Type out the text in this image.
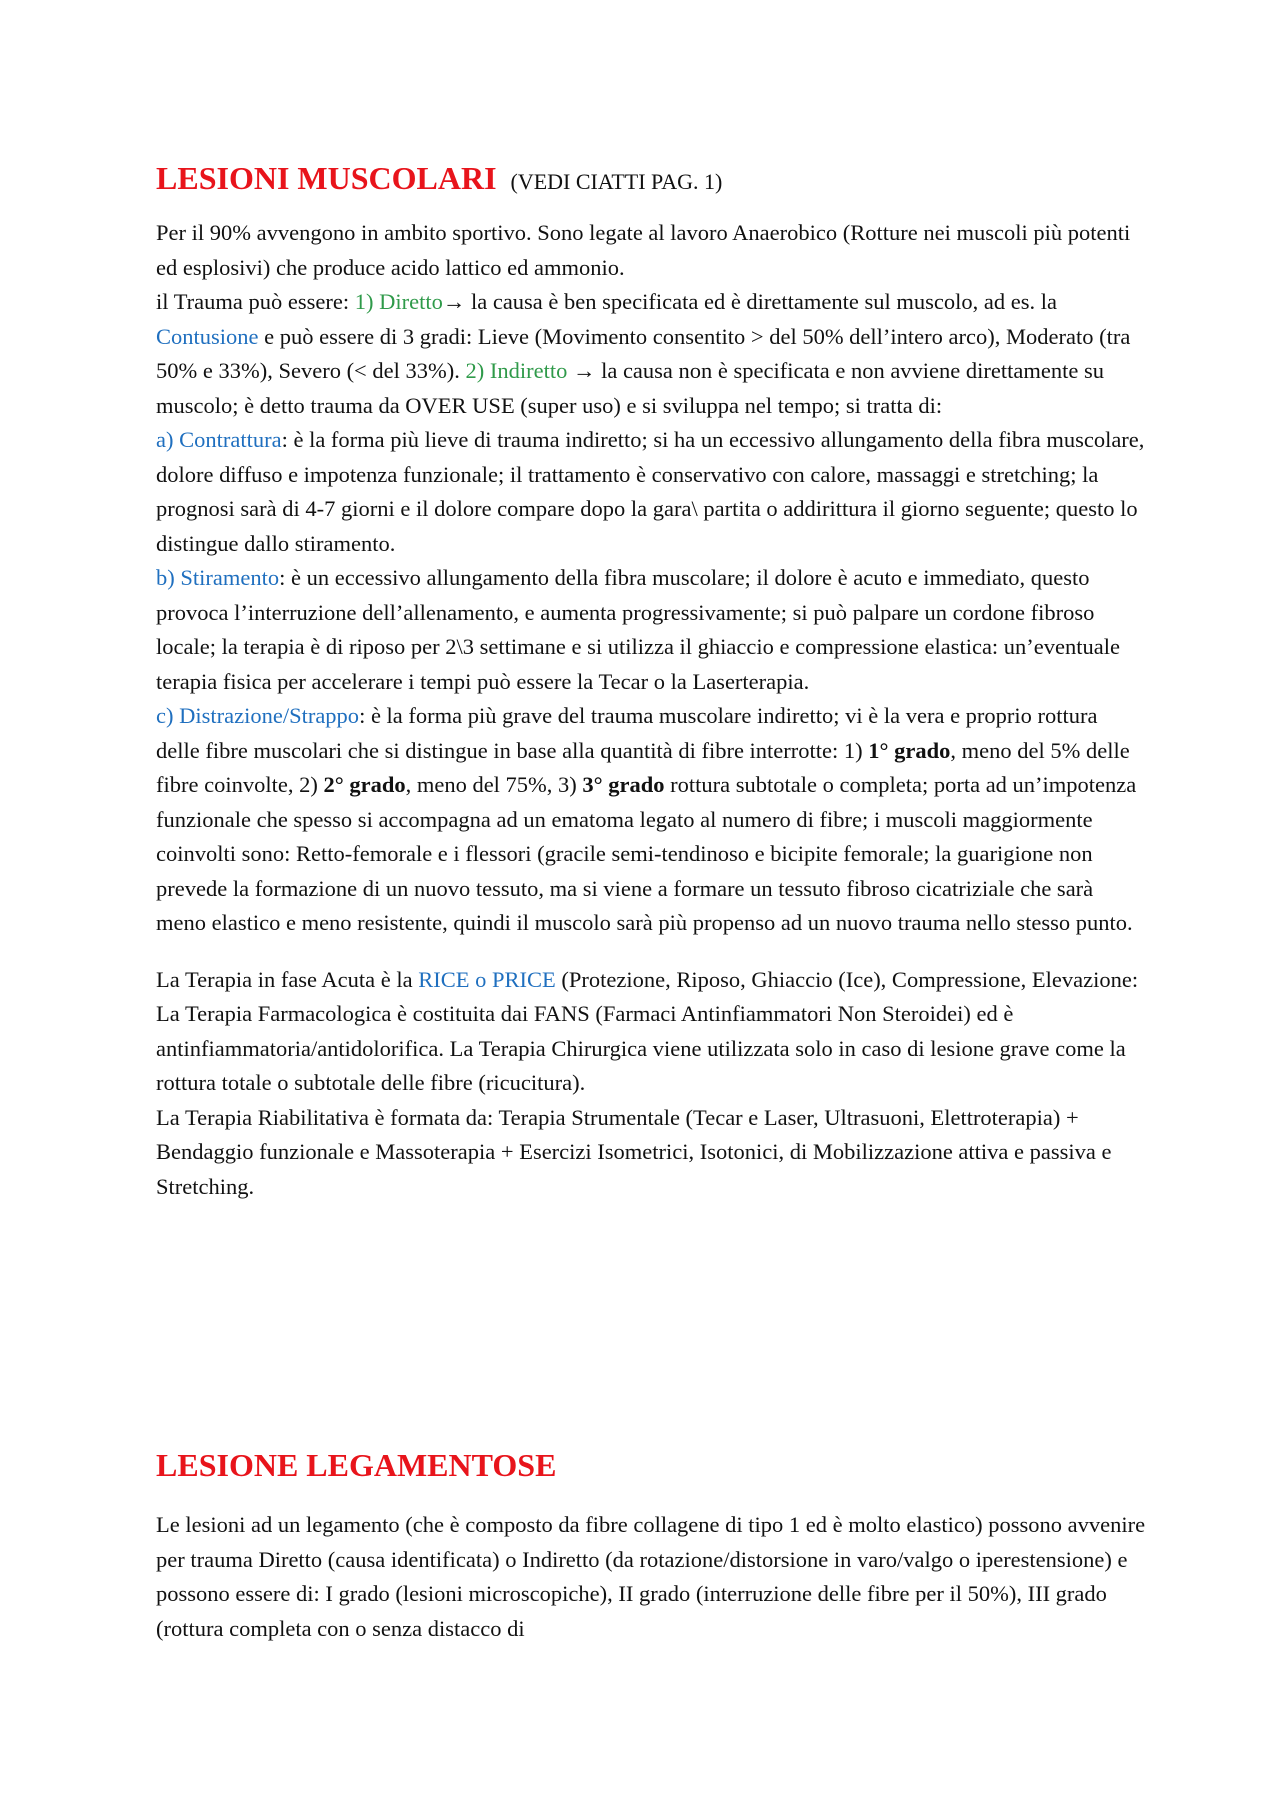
LESIONI MUSCOLARI (VEDI CIATTI PAG. 1)

Per il 90% avvengono in ambito sportivo. Sono legate al lavoro Anaerobico (Rotture nei muscoli più potenti ed esplosivi) che produce acido lattico ed ammonio.
il Trauma può essere: 1) Diretto→ la causa è ben specificata ed è direttamente sul muscolo, ad es. la Contusione e può essere di 3 gradi: Lieve (Movimento consentito > del 50% dell’intero arco), Moderato (tra 50% e 33%), Severo (< del 33%). 2) Indiretto → la causa non è specificata e non avviene direttamente su muscolo; è detto trauma da OVER USE (super uso) e si sviluppa nel tempo; si tratta di:
a) Contrattura: è la forma più lieve di trauma indiretto; si ha un eccessivo allungamento della fibra muscolare, dolore diffuso e impotenza funzionale; il trattamento è conservativo con calore, massaggi e stretching; la prognosi sarà di 4-7 giorni e il dolore compare dopo la gara\ partita o addirittura il giorno seguente; questo lo distingue dallo stiramento.
b) Stiramento: è un eccessivo allungamento della fibra muscolare; il dolore è acuto e immediato, questo provoca l’interruzione dell’allenamento, e aumenta progressivamente; si può palpare un cordone fibroso locale; la terapia è di riposo per 2\3 settimane e si utilizza il ghiaccio e compressione elastica: un’eventuale terapia fisica per accelerare i tempi può essere la Tecar o la Laserterapia.
c) Distrazione/Strappo: è la forma più grave del trauma muscolare indiretto; vi è la vera e proprio rottura delle fibre muscolari che si distingue in base alla quantità di fibre interrotte: 1) 1° grado, meno del 5% delle fibre coinvolte, 2) 2° grado, meno del 75%, 3) 3° grado rottura subtotale o completa; porta ad un’impotenza funzionale che spesso si accompagna ad un ematoma legato al numero di fibre; i muscoli maggiormente coinvolti sono: Retto-femorale e i flessori (gracile semi-tendinoso e bicipite femorale; la guarigione non prevede la formazione di un nuovo tessuto, ma si viene a formare un tessuto fibroso cicatriziale che sarà meno elastico e meno resistente, quindi il muscolo sarà più propenso ad un nuovo trauma nello stesso punto.

La Terapia in fase Acuta è la RICE o PRICE (Protezione, Riposo, Ghiaccio (Ice), Compressione, Elevazione: La Terapia Farmacologica è costituita dai FANS (Farmaci Antinfiammatori Non Steroidei) ed è antinfiammatoria/antidolorifica. La Terapia Chirurgica viene utilizzata solo in caso di lesione grave come la rottura totale o subtotale delle fibre (ricucitura).
La Terapia Riabilitativa è formata da: Terapia Strumentale (Tecar e Laser, Ultrasuoni, Elettroterapia) + Bendaggio funzionale e Massoterapia + Esercizi Isometrici, Isotonici, di Mobilizzazione attiva e passiva e Stretching.

LESIONE LEGAMENTOSE

Le lesioni ad un legamento (che è composto da fibre collagene di tipo 1 ed è molto elastico) possono avvenire per trauma Diretto (causa identificata) o Indiretto (da rotazione/distorsione in varo/valgo o iperestensione) e possono essere di: I grado (lesioni microscopiche), II grado (interruzione delle fibre per il 50%), III grado (rottura completa con o senza distacco di
